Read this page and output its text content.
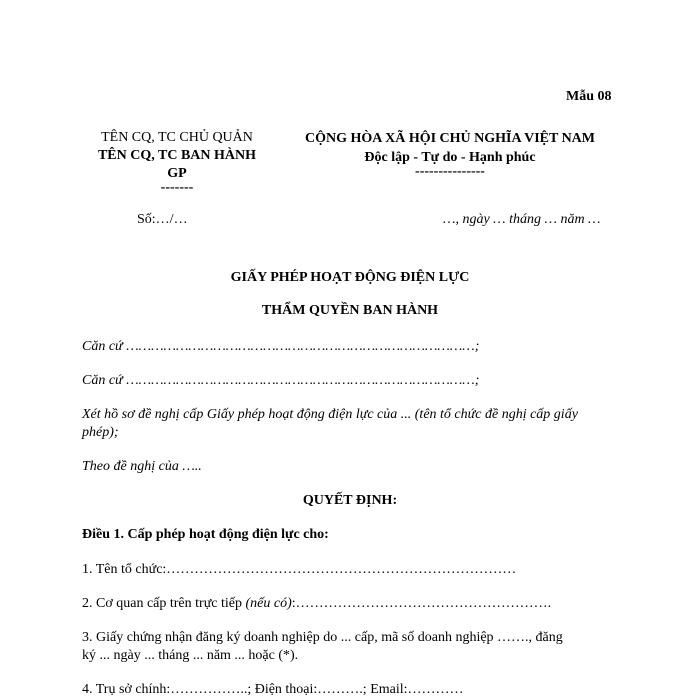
Mẫu 08
TÊN CQ, TC CHỦ QUẢN
TÊN CQ, TC BAN HÀNH
GP
-------
Số:…/…
CỘNG HÒA XÃ HỘI CHỦ NGHĨA VIỆT NAM
Độc lập - Tự do - Hạnh phúc
---------------
…, ngày … tháng … năm …
GIẤY PHÉP HOẠT ĐỘNG ĐIỆN LỰC
THẨM QUYỀN BAN HÀNH
Căn cứ …………………………………………………………………………;
Căn cứ …………………………………………………………………………;
Xét hồ sơ đề nghị cấp Giấy phép hoạt động điện lực của ... (tên tổ chức đề nghị cấp giấy
phép);
Theo đề nghị của …..
QUYẾT ĐỊNH:
Điều 1. Cấp phép hoạt động điện lực cho:
1. Tên tổ chức:…………………………………………………………………
2. Cơ quan cấp trên trực tiếp (nếu có):……………………………………………….
3. Giấy chứng nhận đăng ký doanh nghiệp do ... cấp, mã số doanh nghiệp ……., đăng
ký ... ngày ... tháng ... năm ... hoặc (*).
4. Trụ sở chính:……………..; Điện thoại:……….; Email:…………
